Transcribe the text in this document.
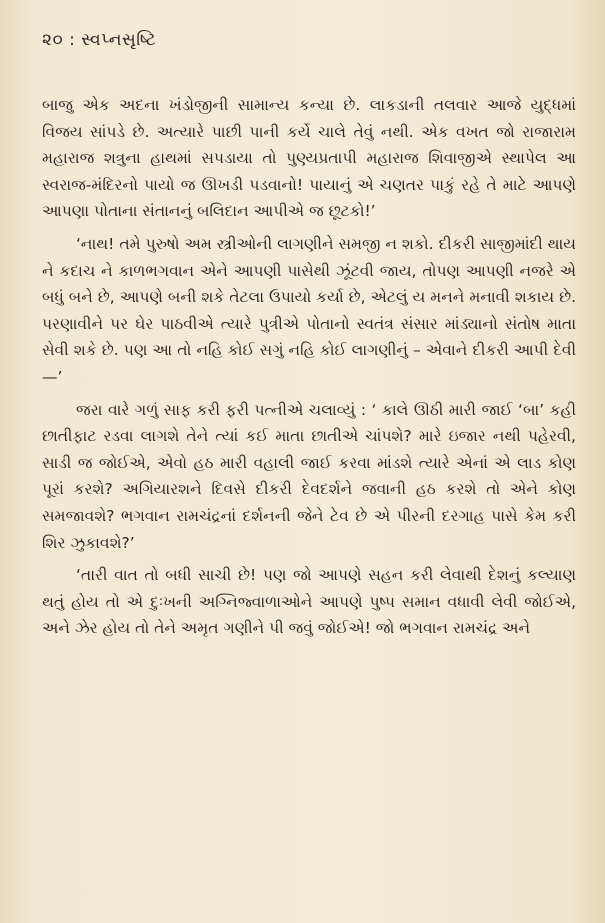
૨૦ : સ્વપ્નસૃષ્ટિ

બાજુ એક અદના ખંડોજીની સામાન્ય કન્યા છે. લાકડાની તલવાર આજે યુદ્ધમાં વિજય સાંપડે છે. અત્યારે પાછી પાની કર્યે ચાલે તેવું નથી. એક વખત જો રાજારામ મહારાજ શત્રુના હાથમાં સપડાયા તો પુણ્યપ્રતાપી મહારાજ શિવાજીએ સ્થાપેલ આ સ્વરાજ-મંદિરનો પાયો જ ઊખડી પડવાનો! પાયાનું એ ચણતર પાકું રહે તે માટે આપણે આપણા પોતાના સંતાનનું બલિદાન આપીએ જ છૂટકો!’

‘નાથ! તમે પુરુષો અમ સ્ત્રીઓની લાગણીને સમજી ન શકો. દીકરી સાજીમાંદી થાય ને કદાચ ને કાળભગવાન એને આપણી પાસેથી ઝૂંટવી જાય, તોપણ આપણી નજરે એ બધું બને છે, આપણે બની શકે તેટલા ઉપાયો કર્યા છે, એટલું ય મનને મનાવી શકાય છે. પરણાવીને પર ઘેર પાઠવીએ ત્યારે પુત્રીએ પોતાનો સ્વતંત્ર સંસાર માંડ્યાનો સંતોષ માતા સેવી શકે છે. પણ આ તો નહિ કોઈ સગું નહિ કોઈ લાગણીનું – એવાને દીકરી આપી દેવી—’

જરા વારે ગળું સાફ કરી ફરી પત્નીએ ચલાવ્યું : ‘ કાલે ઊઠી મારી જાઈ ‘બા’ કહી છાતીફાટ રડવા લાગશે તેને ત્યાં કઈ માતા છાતીએ ચાંપશે? મારે ઇજાર નથી પહેરવી, સાડી જ જોઈએ, એવો હઠ મારી વહાલી જાઈ કરવા માંડશે ત્યારે એનાં એ લાડ કોણ પૂરાં કરશે? અગિયારશને દિવસે દીકરી દેવદર્શને જવાની હઠ કરશે તો એને કોણ સમજાવશે? ભગવાન રામચંદ્રનાં દર્શનની જેને ટેવ છે એ પીરની દરગાહ પાસે કેમ કરી શિર ઝુકાવશે?’

‘તારી વાત તો બધી સાચી છે! પણ જો આપણે સહન કરી લેવાથી દેશનું કલ્યાણ થતું હોય તો એ દુઃખની અગ્નિજ્વાળાઓને આપણે પુષ્પ સમાન વધાવી લેવી જોઈએ, અને ઝેર હોય તો તેને અમૃત ગણીને પી જવું જોઈએ! જો ભગવાન રામચંદ્ર અને
